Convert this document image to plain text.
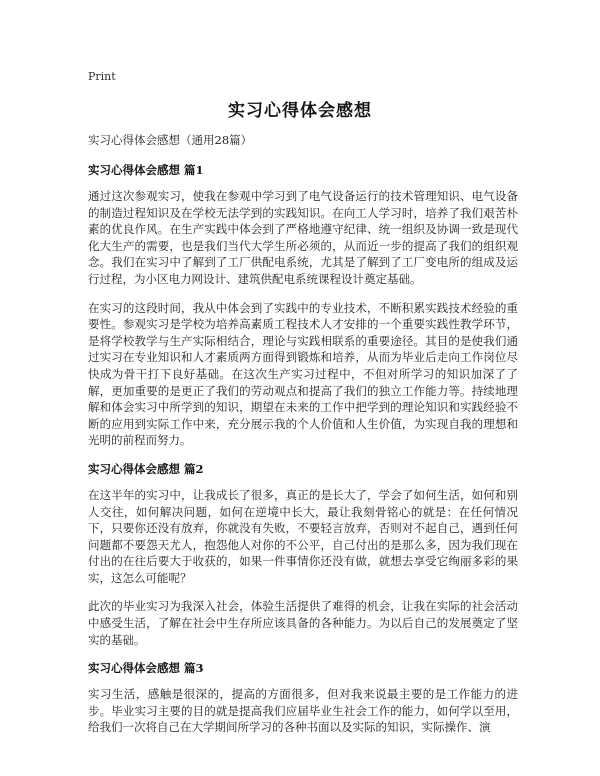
Print
实习心得体会感想

实习心得体会感想（通用28篇）

实习心得体会感想 篇1

通过这次参观实习，使我在参观中学习到了电气设备运行的技术管理知识、电气设备的制造过程知识及在学校无法学到的实践知识。在向工人学习时，培养了我们艰苦朴素的优良作风。在生产实践中体会到了严格地遵守纪律、统一组织及协调一致是现代化大生产的需要，也是我们当代大学生所必须的，从而近一步的提高了我们的组织观念。我们在实习中了解到了工厂供配电系统，尤其是了解到了工厂变电所的组成及运行过程，为小区电力网设计、建筑供配电系统课程设计奠定基础。

在实习的这段时间，我从中体会到了实践中的专业技术，不断积累实践技术经验的重要性。参观实习是学校为培养高素质工程技术人才安排的一个重要实践性教学环节，是将学校教学与生产实际相结合，理论与实践相联系的重要途径。其目的是使我们通过实习在专业知识和人才素质两方面得到锻炼和培养，从而为毕业后走向工作岗位尽快成为骨干打下良好基础。在这次生产实习过程中，不但对所学习的知识加深了了解，更加重要的是更正了我们的劳动观点和提高了我们的独立工作能力等。持续地理解和体会实习中所学到的知识，期望在未来的工作中把学到的理论知识和实践经验不断的应用到实际工作中来，充分展示我的个人价值和人生价值，为实现自我的理想和光明的前程而努力。

实习心得体会感想 篇2

在这半年的实习中，让我成长了很多，真正的是长大了，学会了如何生活，如何和别人交往，如何解决问题，如何在逆境中长大，最让我刻骨铭心的就是：在任何情况下，只要你还没有放弃，你就没有失败，不要轻言放弃，否则对不起自己，遇到任何问题都不要怨天尤人，抱怨他人对你的不公平，自己付出的是那么多，因为我们现在付出的在往后要大于收获的，如果一件事情你还没有做，就想去享受它绚丽多彩的果实，这怎么可能呢？

此次的毕业实习为我深入社会，体验生活提供了难得的机会，让我在实际的社会活动中感受生活，了解在社会中生存所应该具备的各种能力。为以后自己的发展奠定了坚实的基础。

实习心得体会感想 篇3

实习生活，感触是很深的，提高的方面很多，但对我来说最主要的是工作能力的进步。毕业实习主要的目的就是提高我们应届毕业生社会工作的能力，如何学以至用，给我们一次将自己在大学期间所学习的各种书面以及实际的知识，实际操作、演
